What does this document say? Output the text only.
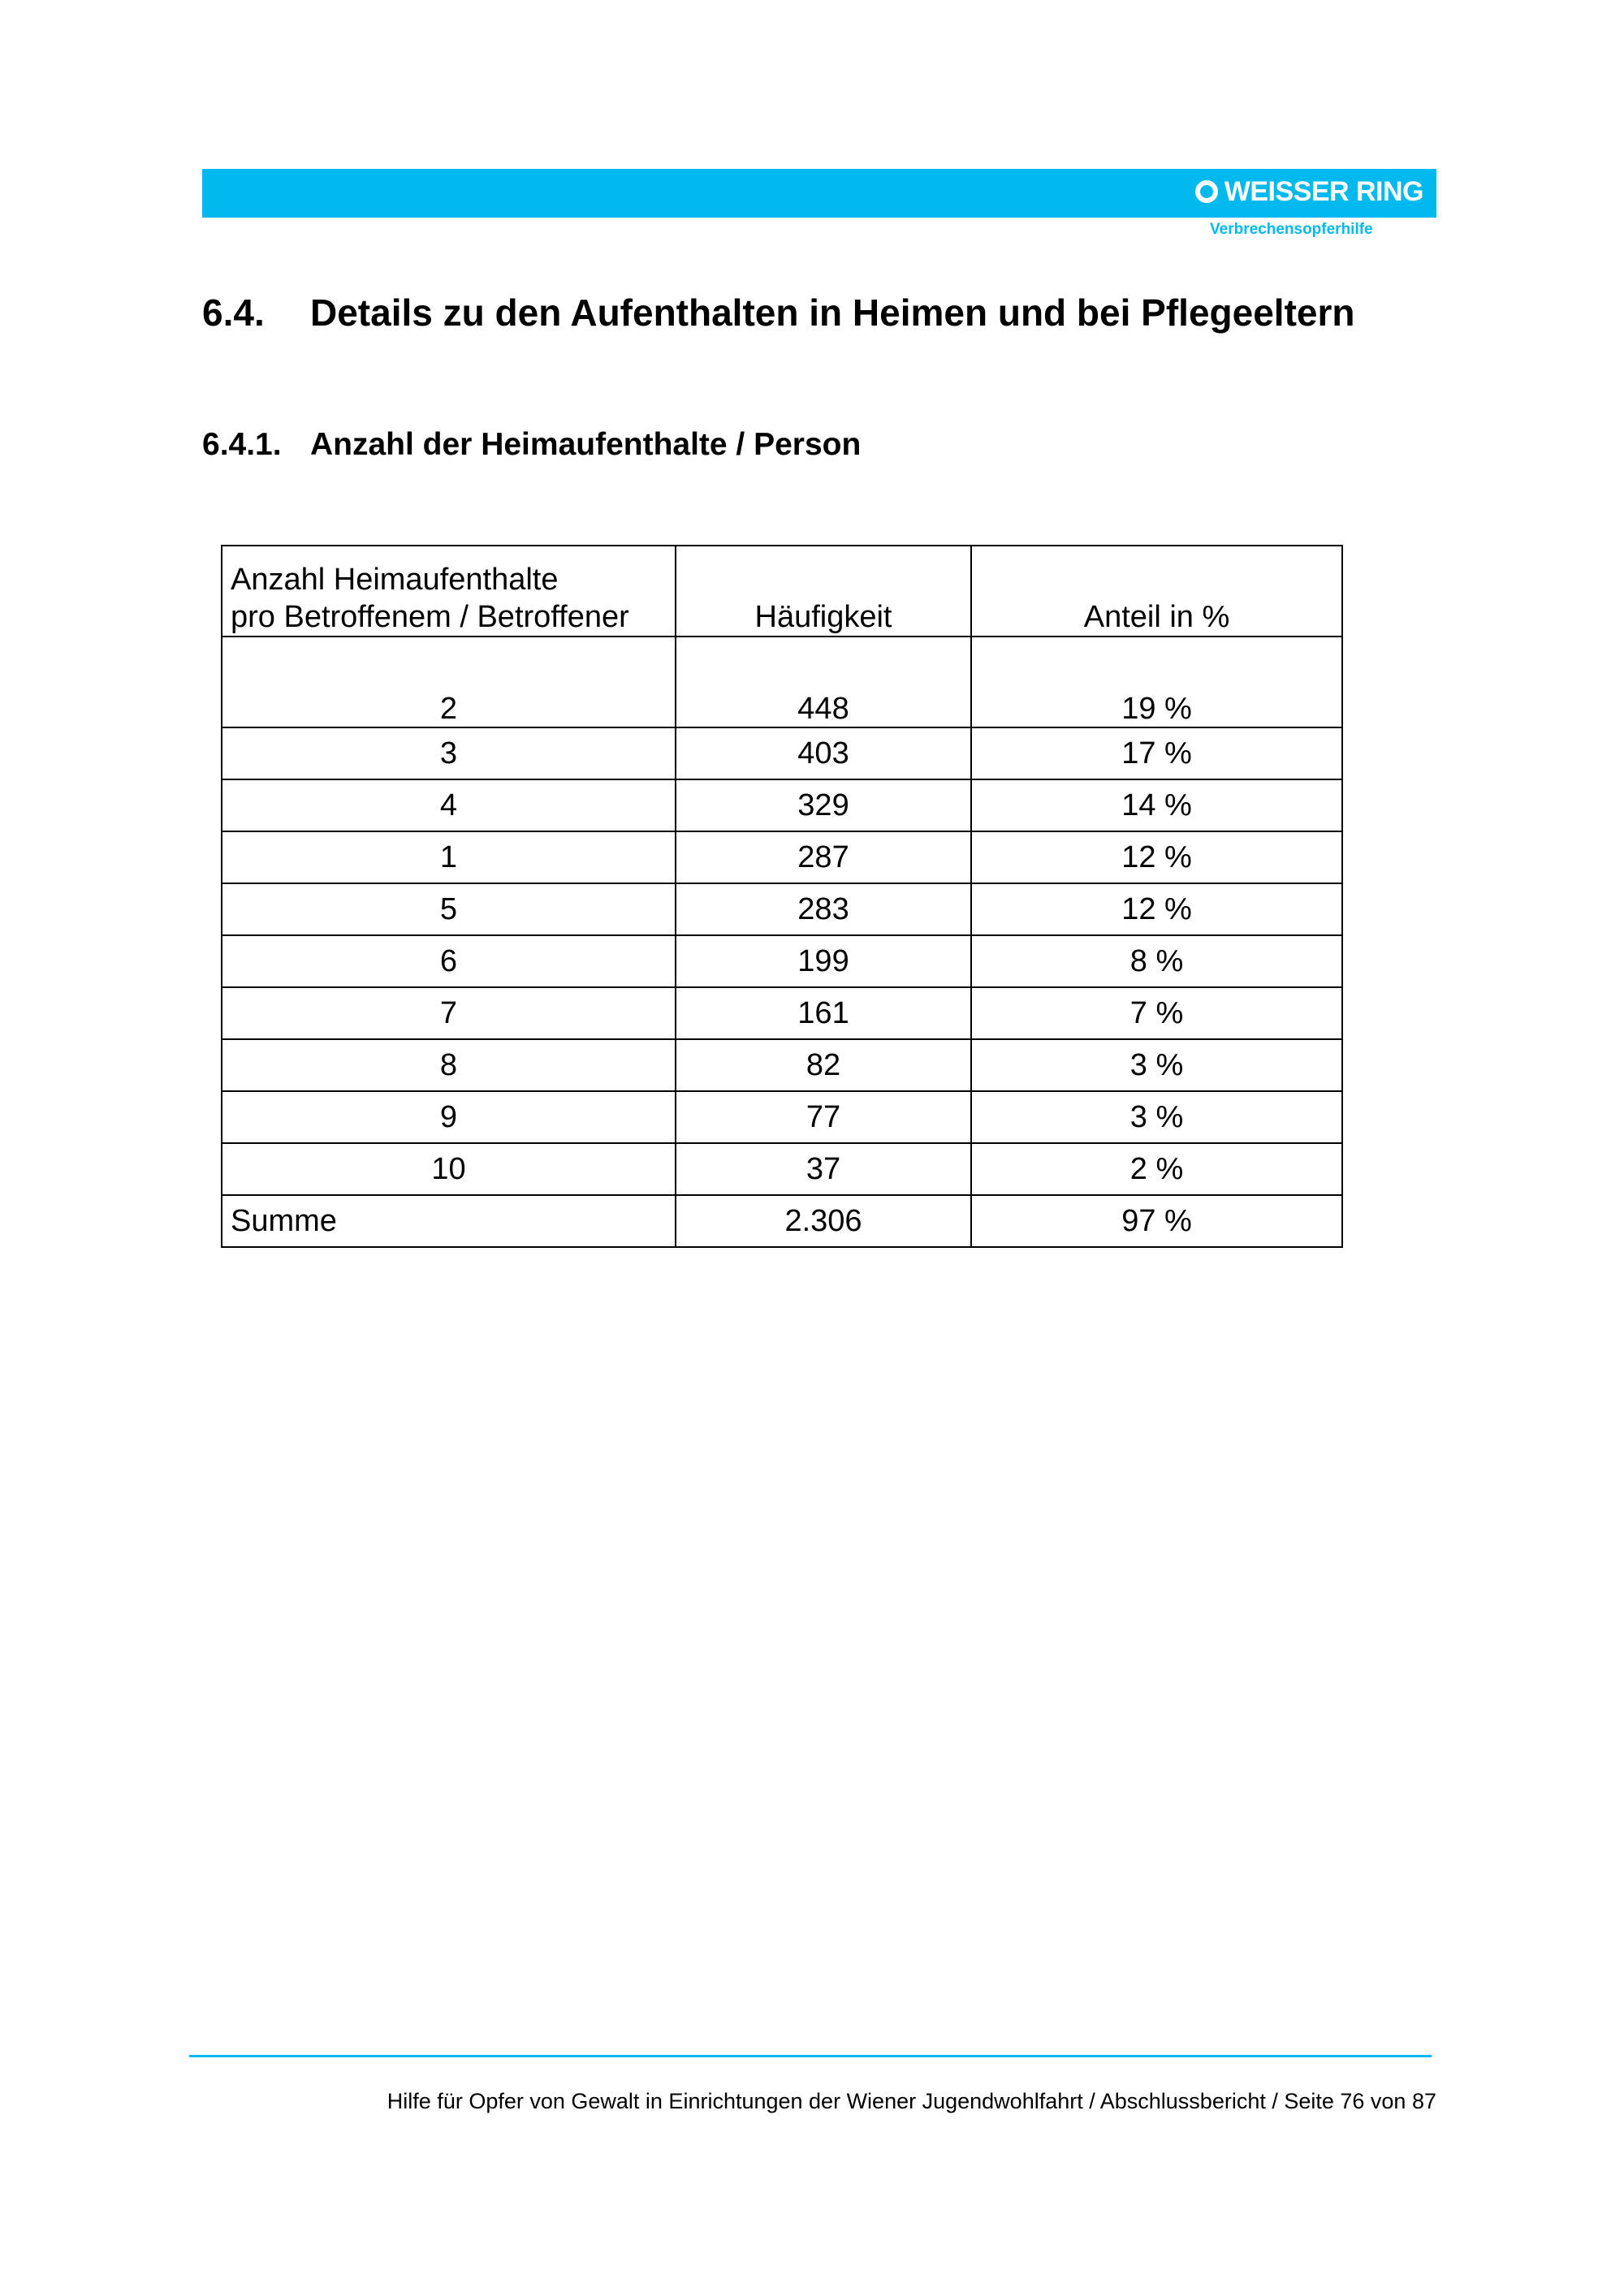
WEISSER RING
Verbrechensopferhilfe
6.4. Details zu den Aufenthalten in Heimen und bei Pflegeeltern
6.4.1. Anzahl der Heimaufenthalte / Person
Anzahl Heimaufenthalte
pro Betroffenem / Betroffener	Häufigkeit	Anteil in %
2	448	19 %
3	403	17 %
4	329	14 %
1	287	12 %
5	283	12 %
6	199	8 %
7	161	7 %
8	82	3 %
9	77	3 %
10	37	2 %
Summe	2.306	97 %
Hilfe für Opfer von Gewalt in Einrichtungen der Wiener Jugendwohlfahrt / Abschlussbericht / Seite 76 von 87
